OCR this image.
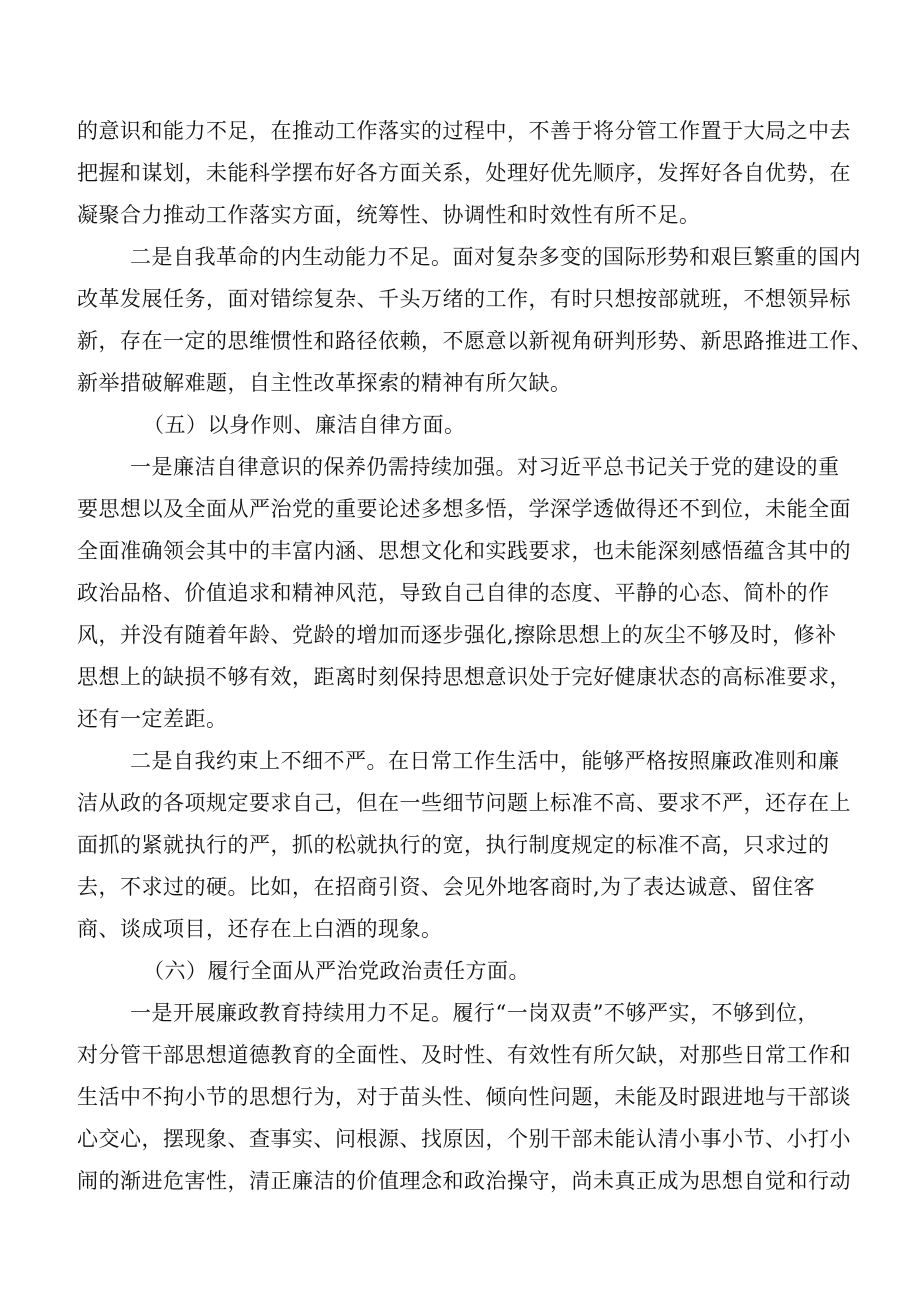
的意识和能力不足，在推动工作落实的过程中，不善于将分管工作置于大局之中去
把握和谋划，未能科学摆布好各方面关系，处理好优先顺序，发挥好各自优势，在
凝聚合力推动工作落实方面，统筹性、协调性和时效性有所不足。
二是自我革命的内生动能力不足。面对复杂多变的国际形势和艰巨繁重的国内
改革发展任务，面对错综复杂、千头万绪的工作，有时只想按部就班，不想领异标
新，存在一定的思维惯性和路径依赖，不愿意以新视角研判形势、新思路推进工作、
新举措破解难题，自主性改革探索的精神有所欠缺。
（五）以身作则、廉洁自律方面。
一是廉洁自律意识的保养仍需持续加强。对习近平总书记关于党的建设的重
要思想以及全面从严治党的重要论述多想多悟，学深学透做得还不到位，未能全面
全面准确领会其中的丰富内涵、思想文化和实践要求，也未能深刻感悟蕴含其中的
政治品格、价值追求和精神风范，导致自己自律的态度、平静的心态、简朴的作
风，并没有随着年龄、党龄的增加而逐步强化,擦除思想上的灰尘不够及时，修补
思想上的缺损不够有效，距离时刻保持思想意识处于完好健康状态的高标准要求，
还有一定差距。
二是自我约束上不细不严。在日常工作生活中，能够严格按照廉政准则和廉
洁从政的各项规定要求自己，但在一些细节问题上标准不高、要求不严，还存在上
面抓的紧就执行的严，抓的松就执行的宽，执行制度规定的标准不高，只求过的
去，不求过的硬。比如，在招商引资、会见外地客商时,为了表达诚意、留住客
商、谈成项目，还存在上白酒的现象。
（六）履行全面从严治党政治责任方面。
一是开展廉政教育持续用力不足。履行“一岗双责”不够严实，不够到位，
对分管干部思想道德教育的全面性、及时性、有效性有所欠缺，对那些日常工作和
生活中不拘小节的思想行为，对于苗头性、倾向性问题，未能及时跟进地与干部谈
心交心，摆现象、查事实、问根源、找原因，个别干部未能认清小事小节、小打小
闹的渐进危害性，清正廉洁的价值理念和政治操守，尚未真正成为思想自觉和行动
